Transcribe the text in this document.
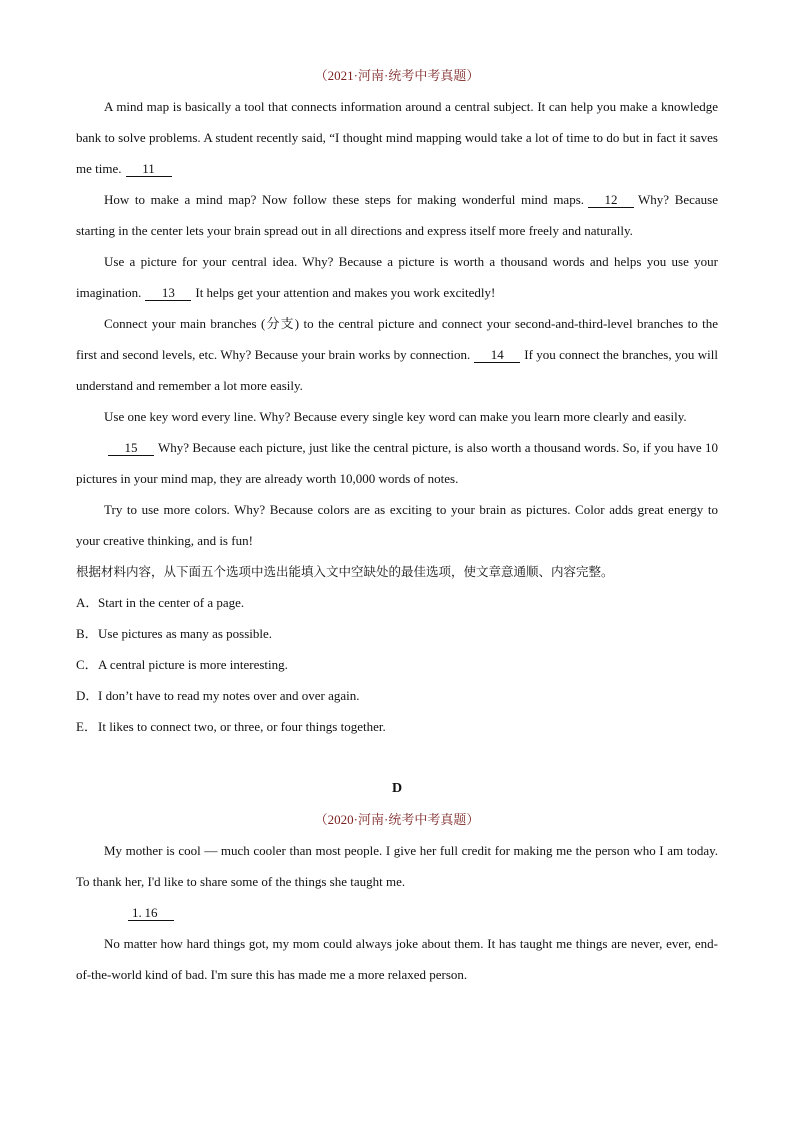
（2021·河南·统考中考真题）

A mind map is basically a tool that connects information around a central subject. It can help you make a knowledge bank to solve problems. A student recently said, “I thought mind mapping would take a lot of time to do but in fact it saves me time. 11

How to make a mind map? Now follow these steps for making wonderful mind maps. 12 Why? Because starting in the center lets your brain spread out in all directions and express itself more freely and naturally.

Use a picture for your central idea. Why? Because a picture is worth a thousand words and helps you use your imagination. 13 It helps get your attention and makes you work excitedly!

Connect your main branches (分支) to the central picture and connect your second-and-third-level branches to the first and second levels, etc. Why? Because your brain works by connection. 14 If you connect the branches, you will understand and remember a lot more easily.

Use one key word every line. Why? Because every single key word can make you learn more clearly and easily.

15 Why? Because each picture, just like the central picture, is also worth a thousand words. So, if you have 10 pictures in your mind map, they are already worth 10,000 words of notes.

Try to use more colors. Why? Because colors are as exciting to your brain as pictures. Color adds great energy to your creative thinking, and is fun!

根据材料内容，从下面五个选项中选出能填入文中空缺处的最佳选项，使文章意通顺、内容完整。

A．Start in the center of a page.

B．Use pictures as many as possible.

C．A central picture is more interesting.

D．I don’t have to read my notes over and over again.

E．It likes to connect two, or three, or four things together.

D
（2020·河南·统考中考真题）

My mother is cool — much cooler than most people. I give her full credit for making me the person who I am today. To thank her, I'd like to share some of the things she taught me.

1. 16

No matter how hard things got, my mom could always joke about them. It has taught me things are never, ever, end-of-the-world kind of bad. I'm sure this has made me a more relaxed person.
